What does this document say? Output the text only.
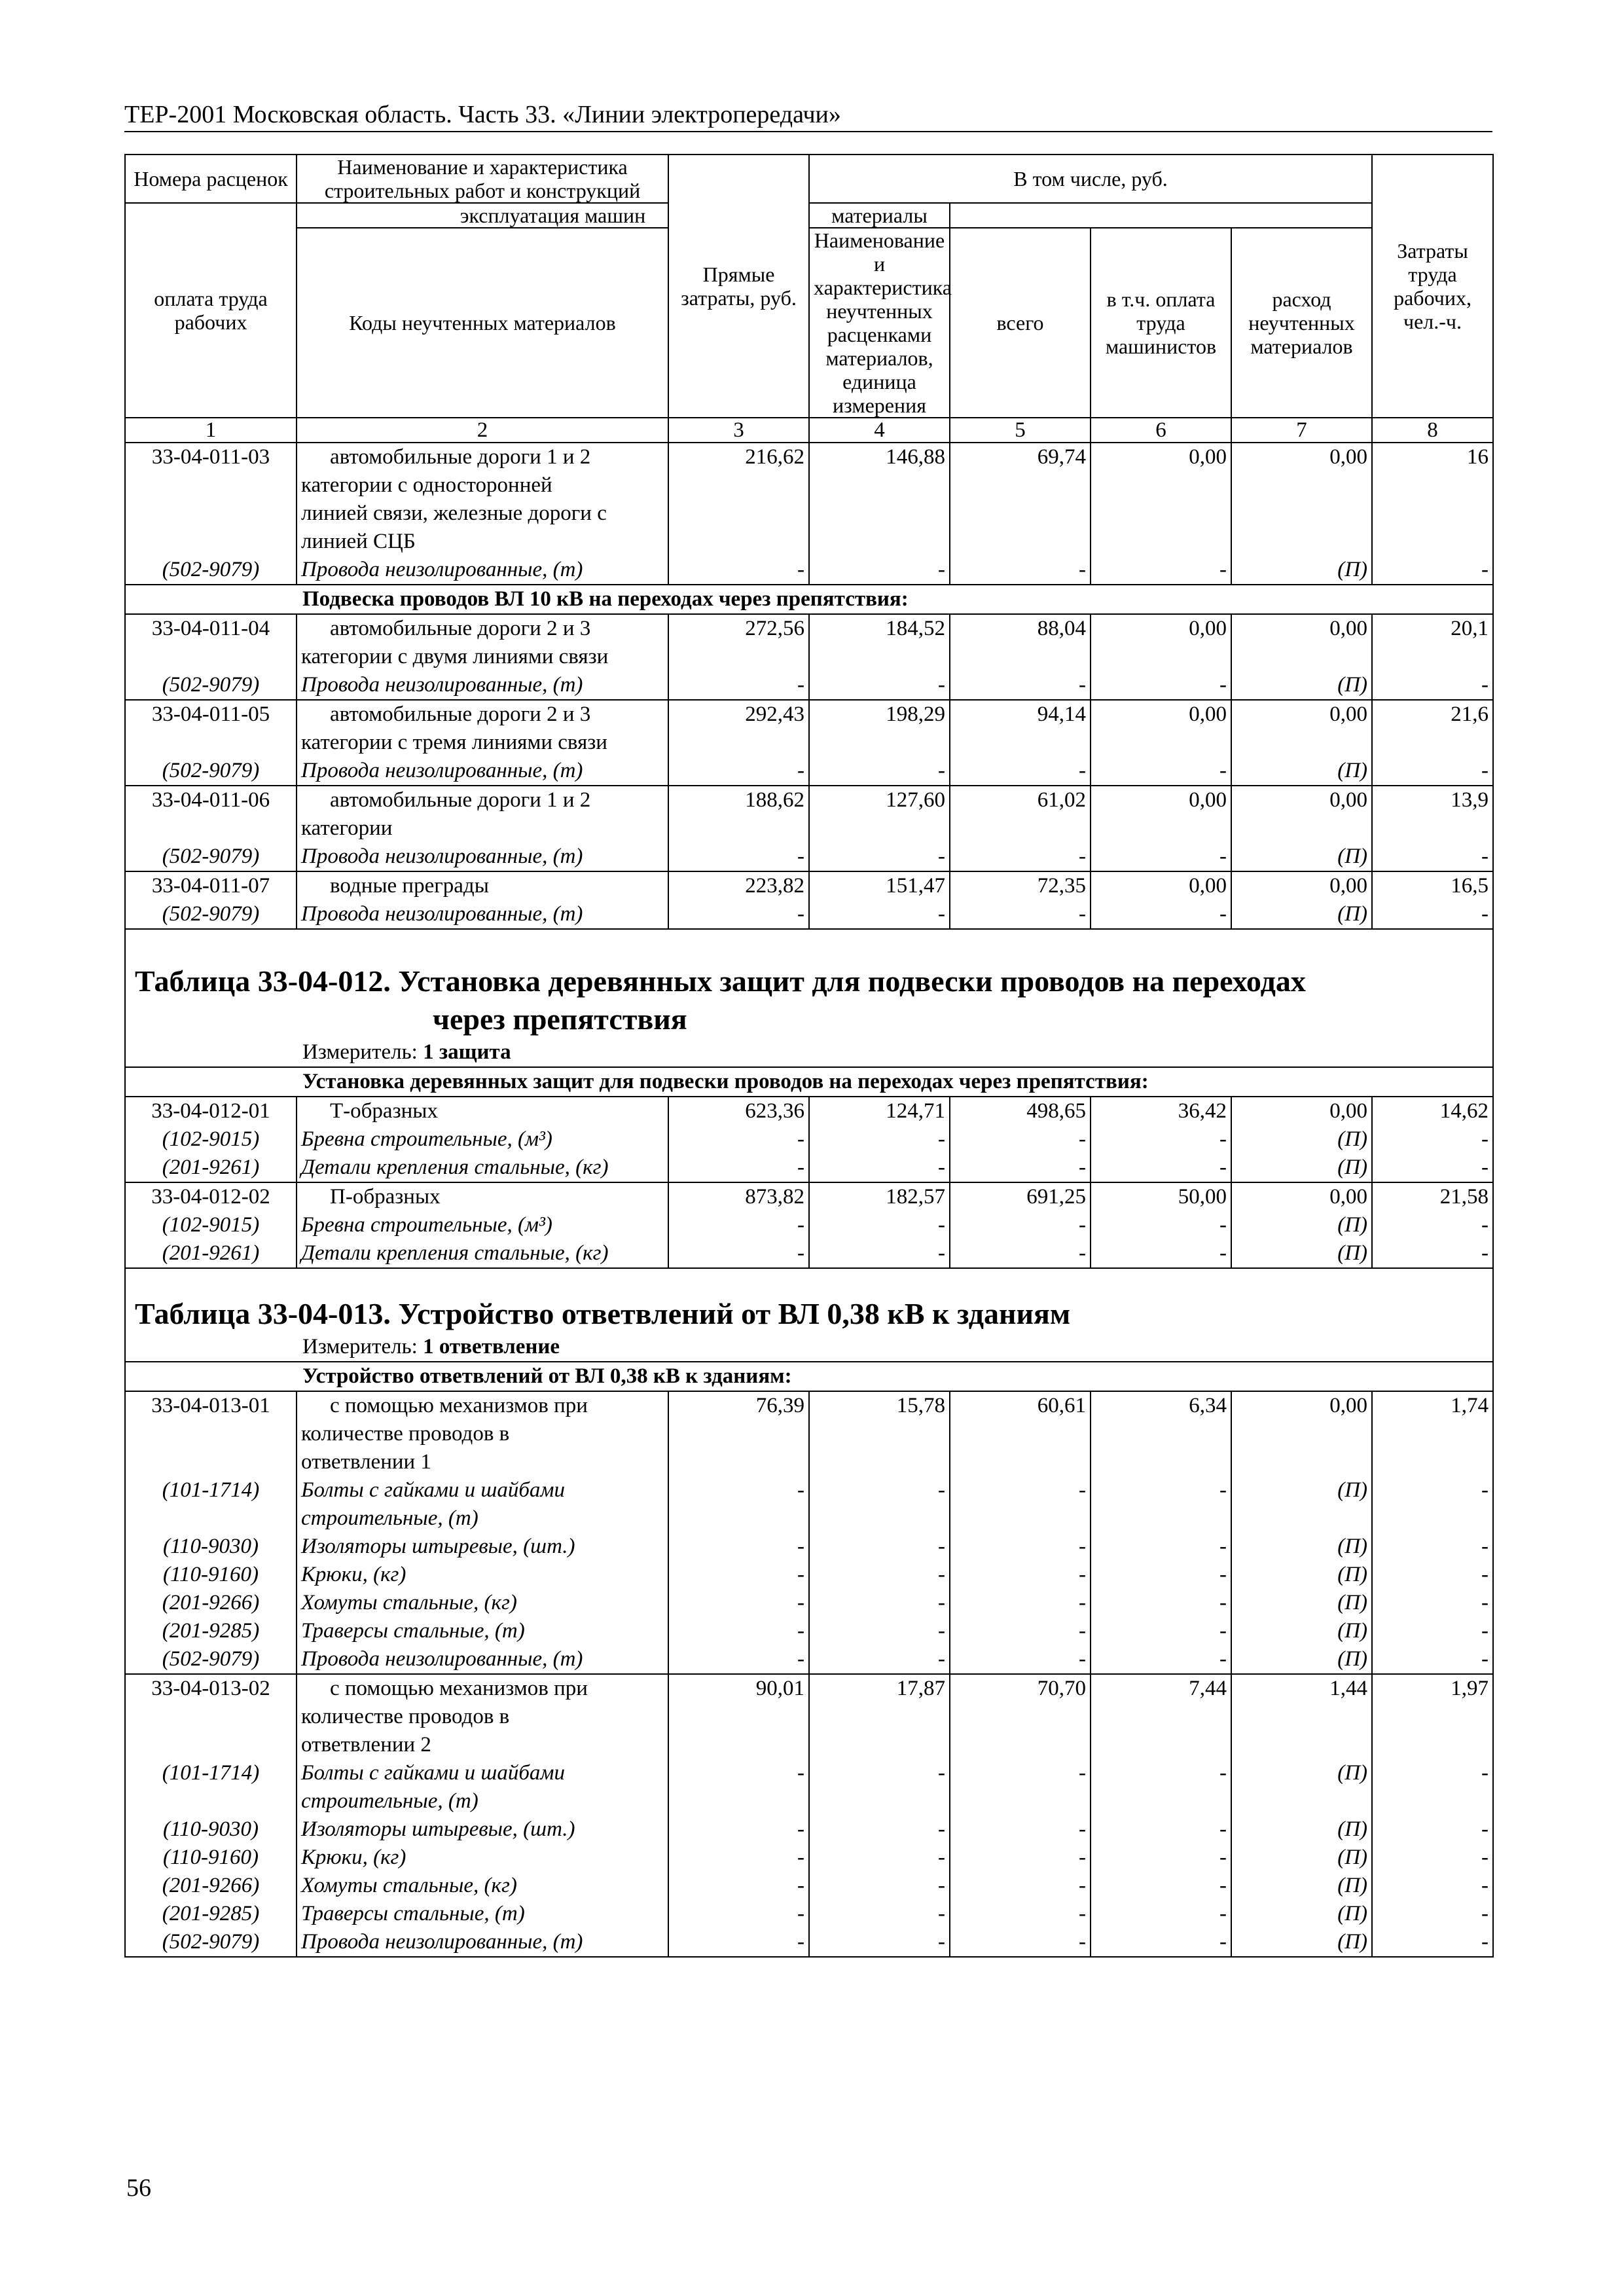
ТЕР-2001 Московская область. Часть 33. «Линии электропередачи»
Номера расценок	Наименование и характеристика строительных работ и конструкций	Прямые затраты, руб.	В том числе, руб.				Затраты труда рабочих, чел.-ч.
оплата труда рабочих	эксплуатация машин		материалы				
	Коды неучтенных материалов		Наименование и характеристика неучтенных расценками материалов, единица измерения	всего	в т.ч. оплата труда машинистов	расход неучтенных материалов	
1	2	3	4	5	6	7	8
33-04-011-03	автомобильные дороги 1 и 2	216,62	146,88	69,74	0,00	0,00	16
	категории с односторонней						
	линией связи, железные дороги с						
	линией СЦБ						
(502-9079)	Провода неизолированные, (т)	-	-	-	-	(П)	-
Подвеска проводов ВЛ 10 кВ на переходах через препятствия:							
33-04-011-04	автомобильные дороги 2 и 3	272,56	184,52	88,04	0,00	0,00	20,1
	категории с двумя линиями связи						
(502-9079)	Провода неизолированные, (т)	-	-	-	-	(П)	-
33-04-011-05	автомобильные дороги 2 и 3	292,43	198,29	94,14	0,00	0,00	21,6
	категории с тремя линиями связи						
(502-9079)	Провода неизолированные, (т)	-	-	-	-	(П)	-
33-04-011-06	автомобильные дороги 1 и 2	188,62	127,60	61,02	0,00	0,00	13,9
	категории						
(502-9079)	Провода неизолированные, (т)	-	-	-	-	(П)	-
33-04-011-07	водные преграды	223,82	151,47	72,35	0,00	0,00	16,5
(502-9079)	Провода неизолированные, (т)	-	-	-	-	(П)	-

Таблица 33-04-012. Установка деревянных защит для подвески проводов на переходах
через препятствия							

Измеритель: 1 защита							
Установка деревянных защит для подвески проводов на переходах через препятствия:							
33-04-012-01	Т-образных	623,36	124,71	498,65	36,42	0,00	14,62
(102-9015)	Бревна строительные, (м³)	-	-	-	-	(П)	-
(201-9261)	Детали крепления стальные, (кг)	-	-	-	-	(П)	-
33-04-012-02	П-образных	873,82	182,57	691,25	50,00	0,00	21,58
(102-9015)	Бревна строительные, (м³)	-	-	-	-	(П)	-
(201-9261)	Детали крепления стальные, (кг)	-	-	-	-	(П)	-
Таблица 33-04-013. Устройство ответвлений от ВЛ 0,38 кВ к зданиям							
Измеритель: 1 ответвление							
Устройство ответвлений от ВЛ 0,38 кВ к зданиям:							
33-04-013-01	с помощью механизмов при	76,39	15,78	60,61	6,34	0,00	1,74
	количестве проводов в						
	ответвлении 1						
(101-1714)	Болты с гайками и шайбами	-	-	-	-	(П)	-
	строительные, (т)						
(110-9030)	Изоляторы штыревые, (шт.)	-	-	-	-	(П)	-
(110-9160)	Крюки, (кг)	-	-	-	-	(П)	-
(201-9266)	Хомуты стальные, (кг)	-	-	-	-	(П)	-
(201-9285)	Траверсы стальные, (т)	-	-	-	-	(П)	-
(502-9079)	Провода неизолированные, (т)	-	-	-	-	(П)	-
33-04-013-02	с помощью механизмов при	90,01	17,87	70,70	7,44	1,44	1,97
	количестве проводов в						
	ответвлении 2						
(101-1714)	Болты с гайками и шайбами	-	-	-	-	(П)	-
	строительные, (т)						
(110-9030)	Изоляторы штыревые, (шт.)	-	-	-	-	(П)	-
(110-9160)	Крюки, (кг)	-	-	-	-	(П)	-
(201-9266)	Хомуты стальные, (кг)	-	-	-	-	(П)	-
(201-9285)	Траверсы стальные, (т)	-	-	-	-	(П)	-
(502-9079)	Провода неизолированные, (т)	-	-	-	-	(П)	-
56
